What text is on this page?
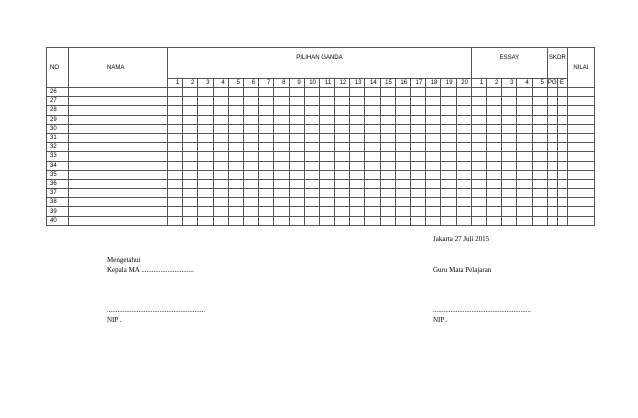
NO	NAMA	PILIHAN GANDA																				ESSAY					SKOR		NILAI
		1	2	3	4	5	6	7	8	9	10	11	12	13	14	15	16	17	18	19	20	1	2	3	4	5	PG	E	
26																													
27																													
28																													
29																													
30																													
31																													
32																													
33																													
34																													
35																													
36																													
37																													
38																													
39																													
40																													
Jakarta 27 Juli 2015
Mengetahui
Kepala MA ..............................	Guru Mata Pelajaran
........................................................	........................................................
NIP .	NIP .
